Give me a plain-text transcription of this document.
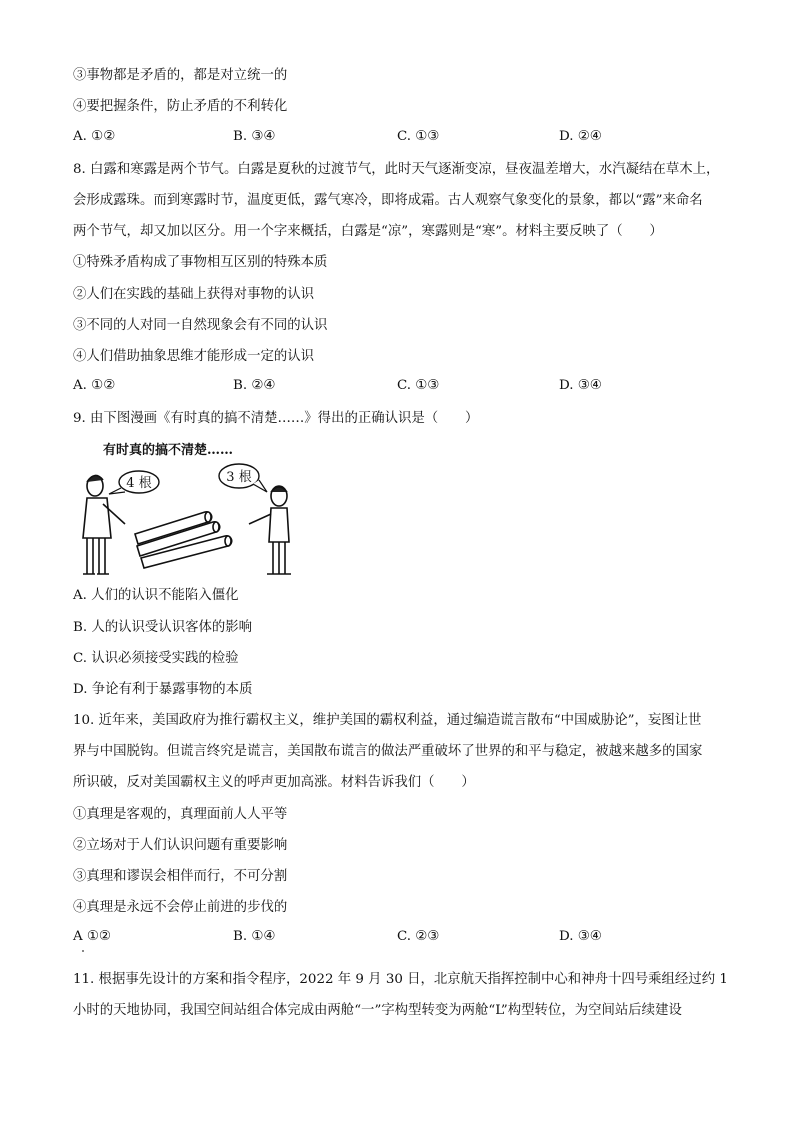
③事物都是矛盾的，都是对立统一的
④要把握条件，防止矛盾的不利转化
A. ①②	B. ③④	C. ①③	D. ②④
8. 白露和寒露是两个节气。白露是夏秋的过渡节气，此时天气逐渐变凉，昼夜温差增大，水汽凝结在草木上，
会形成露珠。而到寒露时节，温度更低，露气寒冷，即将成霜。古人观察气象变化的景象，都以“露”来命名
两个节气，却又加以区分。用一个字来概括，白露是“凉”，寒露则是“寒”。材料主要反映了（　　）
①特殊矛盾构成了事物相互区别的特殊本质
②人们在实践的基础上获得对事物的认识
③不同的人对同一自然现象会有不同的认识
④人们借助抽象思维才能形成一定的认识
A. ①②	B. ②④	C. ①③	D. ③④
9. 由下图漫画《有时真的搞不清楚……》得出的正确认识是（　　）
有时真的搞不清楚……
4 根	3 根
A. 人们的认识不能陷入僵化
B. 人的认识受认识客体的影响
C. 认识必须接受实践的检验
D. 争论有利于暴露事物的本质
10. 近年来，美国政府为推行霸权主义，维护美国的霸权利益，通过编造谎言散布“中国威胁论”，妄图让世
界与中国脱钩。但谎言终究是谎言，美国散布谎言的做法严重破坏了世界的和平与稳定，被越来越多的国家
所识破，反对美国霸权主义的呼声更加高涨。材料告诉我们（　　）
①真理是客观的，真理面前人人平等
②立场对于人们认识问题有重要影响
③真理和谬误会相伴而行，不可分割
④真理是永远不会停止前进的步伐的
A ①②	B. ①④	C. ②③	D. ③④
11. 根据事先设计的方案和指令程序，2022 年 9 月 30 日，北京航天指挥控制中心和神舟十四号乘组经过约 1
小时的天地协同，我国空间站组合体完成由两舱“一”字构型转变为两舱“L”构型转位，为空间站后续建设
